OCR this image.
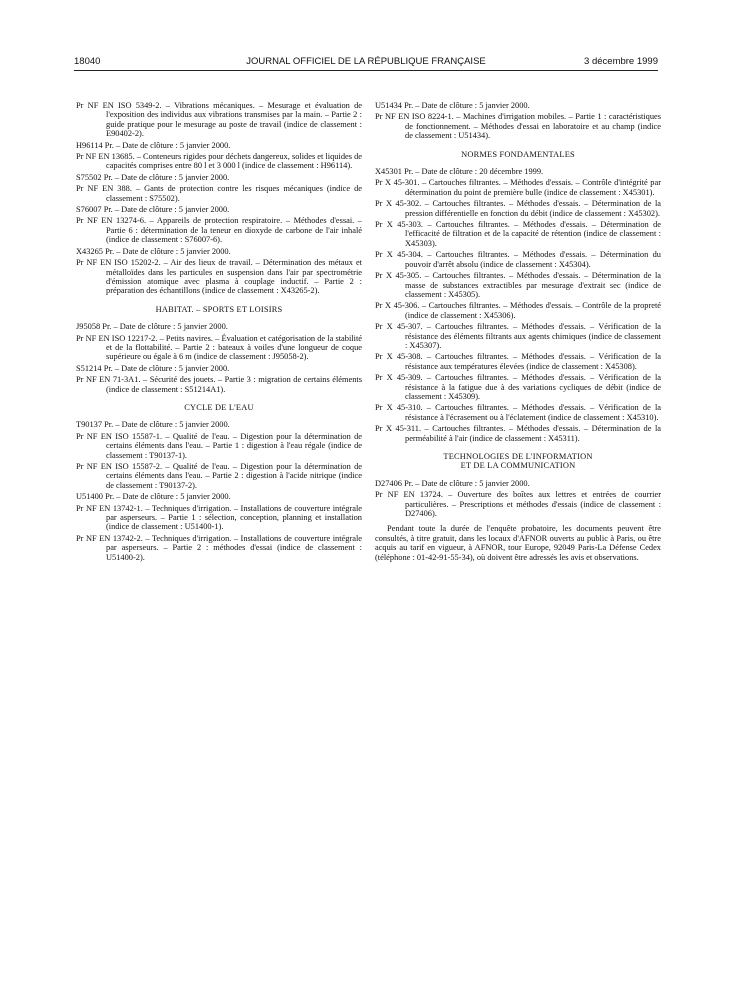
18040	JOURNAL OFFICIEL DE LA RÉPUBLIQUE FRANÇAISE	3 décembre 1999

Pr NF EN ISO 5349-2. – Vibrations mécaniques. – Mesurage et évaluation de l'exposition des individus aux vibrations transmises par la main. – Partie 2 : guide pratique pour le mesurage au poste de travail (indice de classement : E90402-2).

H96114 Pr. – Date de clôture : 5 janvier 2000.

Pr NF EN 13685. – Conteneurs rigides pour déchets dangereux, solides et liquides de capacités comprises entre 80 l et 3 000 l (indice de classement : H96114).

S75502 Pr. – Date de clôture : 5 janvier 2000.

Pr NF EN 388. – Gants de protection contre les risques mécaniques (indice de classement : S75502).

S76007 Pr. – Date de clôture : 5 janvier 2000.

Pr NF EN 13274-6. – Appareils de protection respiratoire. – Méthodes d'essai. – Partie 6 : détermination de la teneur en dioxyde de carbone de l'air inhalé (indice de classement : S76007-6).

X43265 Pr. – Date de clôture : 5 janvier 2000.

Pr NF EN ISO 15202-2. – Air des lieux de travail. – Détermination des métaux et métalloïdes dans les particules en suspension dans l'air par spectrométrie d'émission atomique avec plasma à couplage inductif. – Partie 2 : préparation des échantillons (indice de classement : X43265-2).

HABITAT. – SPORTS ET LOISIRS

J95058 Pr. – Date de clôture : 5 janvier 2000.

Pr NF EN ISO 12217-2. – Petits navires. – Évaluation et catégorisation de la stabilité et de la flottabilité. – Partie 2 : bateaux à voiles d'une longueur de coque supérieure ou égale à 6 m (indice de classement : J95058-2).

S51214 Pr. – Date de clôture : 5 janvier 2000.

Pr NF EN 71-3A1. – Sécurité des jouets. – Partie 3 : migration de certains éléments (indice de classement : S51214A1).

CYCLE DE L'EAU

T90137 Pr. – Date de clôture : 5 janvier 2000.

Pr NF EN ISO 15587-1. – Qualité de l'eau. – Digestion pour la détermination de certains éléments dans l'eau. – Partie 1 : digestion à l'eau régale (indice de classement : T90137-1).

Pr NF EN ISO 15587-2. – Qualité de l'eau. – Digestion pour la détermination de certains éléments dans l'eau. – Partie 2 : digestion à l'acide nitrique (indice de classement : T90137-2).

U51400 Pr. – Date de clôture : 5 janvier 2000.

Pr NF EN 13742-1. – Techniques d'irrigation. – Installations de couverture intégrale par asperseurs. – Partie 1 : sélection, conception, planning et installation (indice de classement : U51400-1).

Pr NF EN 13742-2. – Techniques d'irrigation. – Installations de couverture intégrale par asperseurs. – Partie 2 : méthodes d'essai (indice de classement : U51400-2).

U51434 Pr. – Date de clôture : 5 janvier 2000.

Pr NF EN ISO 8224-1. – Machines d'irrigation mobiles. – Partie 1 : caractéristiques de fonctionnement. – Méthodes d'essai en laboratoire et au champ (indice de classement : U51434).

NORMES FONDAMENTALES

X45301 Pr. – Date de clôture : 20 décembre 1999.

Pr X 45-301. – Cartouches filtrantes. – Méthodes d'essais. – Contrôle d'intégrité par détermination du point de première bulle (indice de classement : X45301).

Pr X 45-302. – Cartouches filtrantes. – Méthodes d'essais. – Détermination de la pression différentielle en fonction du débit (indice de classement : X45302).

Pr X 45-303. – Cartouches filtrantes. – Méthodes d'essais. – Détermination de l'efficacité de filtration et de la capacité de rétention (indice de classement : X45303).

Pr X 45-304. – Cartouches filtrantes. – Méthodes d'essais. – Détermination du pouvoir d'arrêt absolu (indice de classement : X45304).

Pr X 45-305. – Cartouches filtrantes. – Méthodes d'essais. – Détermination de la masse de substances extractibles par mesurage d'extrait sec (indice de classement : X45305).

Pr X 45-306. – Cartouches filtrantes. – Méthodes d'essais. – Contrôle de la propreté (indice de classement : X45306).

Pr X 45-307. – Cartouches filtrantes. – Méthodes d'essais. – Vérification de la résistance des éléments filtrants aux agents chimiques (indice de classement : X45307).

Pr X 45-308. – Cartouches filtrantes. – Méthodes d'essais. – Vérification de la résistance aux températures élevées (indice de classement : X45308).

Pr X 45-309. – Cartouches filtrantes. – Méthodes d'essais. – Vérification de la résistance à la fatigue due à des variations cycliques de débit (indice de classement : X45309).

Pr X 45-310. – Cartouches filtrantes. – Méthodes d'essais. – Vérification de la résistance à l'écrasement ou à l'éclatement (indice de classement : X45310).

Pr X 45-311. – Cartouches filtrantes. – Méthodes d'essais. – Détermination de la perméabilité à l'air (indice de classement : X45311).

TECHNOLOGIES DE L'INFORMATION
ET DE LA COMMUNICATION

D27406 Pr. – Date de clôture : 5 janvier 2000.

Pr NF EN 13724. – Ouverture des boîtes aux lettres et entrées de courrier particulières. – Prescriptions et méthodes d'essais (indice de classement : D27406).

Pendant toute la durée de l'enquête probatoire, les documents peuvent être consultés, à titre gratuit, dans les locaux d'AFNOR ouverts au public à Paris, ou être acquis au tarif en vigueur, à AFNOR, tour Europe, 92049 Paris-La Défense Cedex (téléphone : 01-42-91-55-34), où doivent être adressés les avis et observations.
